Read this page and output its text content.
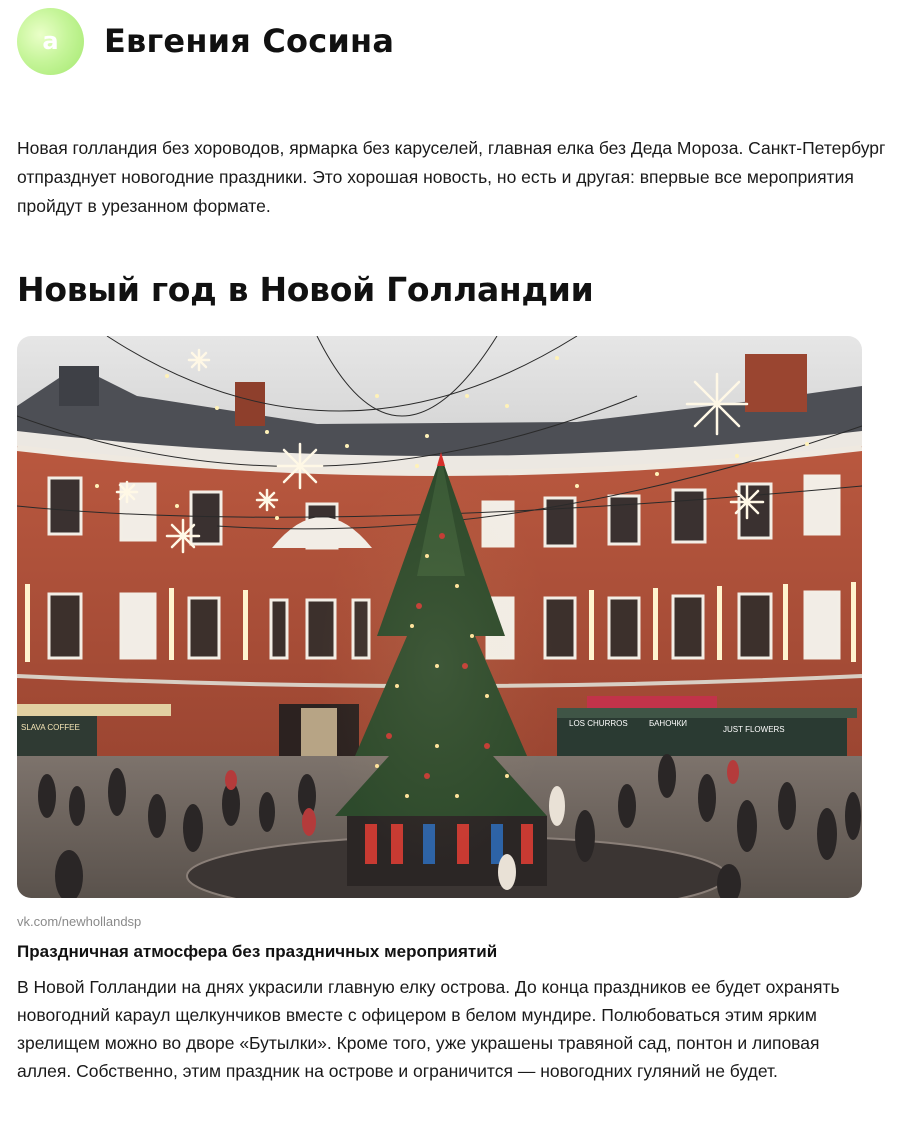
a Евгения Сосина

Новая голландия без хороводов, ярмарка без каруселей, главная елка без Деда Мороза. Санкт-Петербург отпразднует новогодние праздники. Это хорошая новость, но есть и другая: впервые все мероприятия пройдут в урезанном формате.

Новый год в Новой Голландии
SLAVA COFFEE	LOS CHURROS	БАНОЧКИ
JUST FLOWERS
vk.com/newhollandsp
Праздничная атмосфера без праздничных мероприятий

В Новой Голландии на днях украсили главную елку острова. До конца праздников ее будет охранять новогодний караул щелкунчиков вместе с офицером в белом мундире. Полюбоваться этим ярким зрелищем можно во дворе «Бутылки». Кроме того, уже украшены травяной сад, понтон и липовая аллея. Собственно, этим праздник на острове и ограничится — новогодних гуляний не будет.
